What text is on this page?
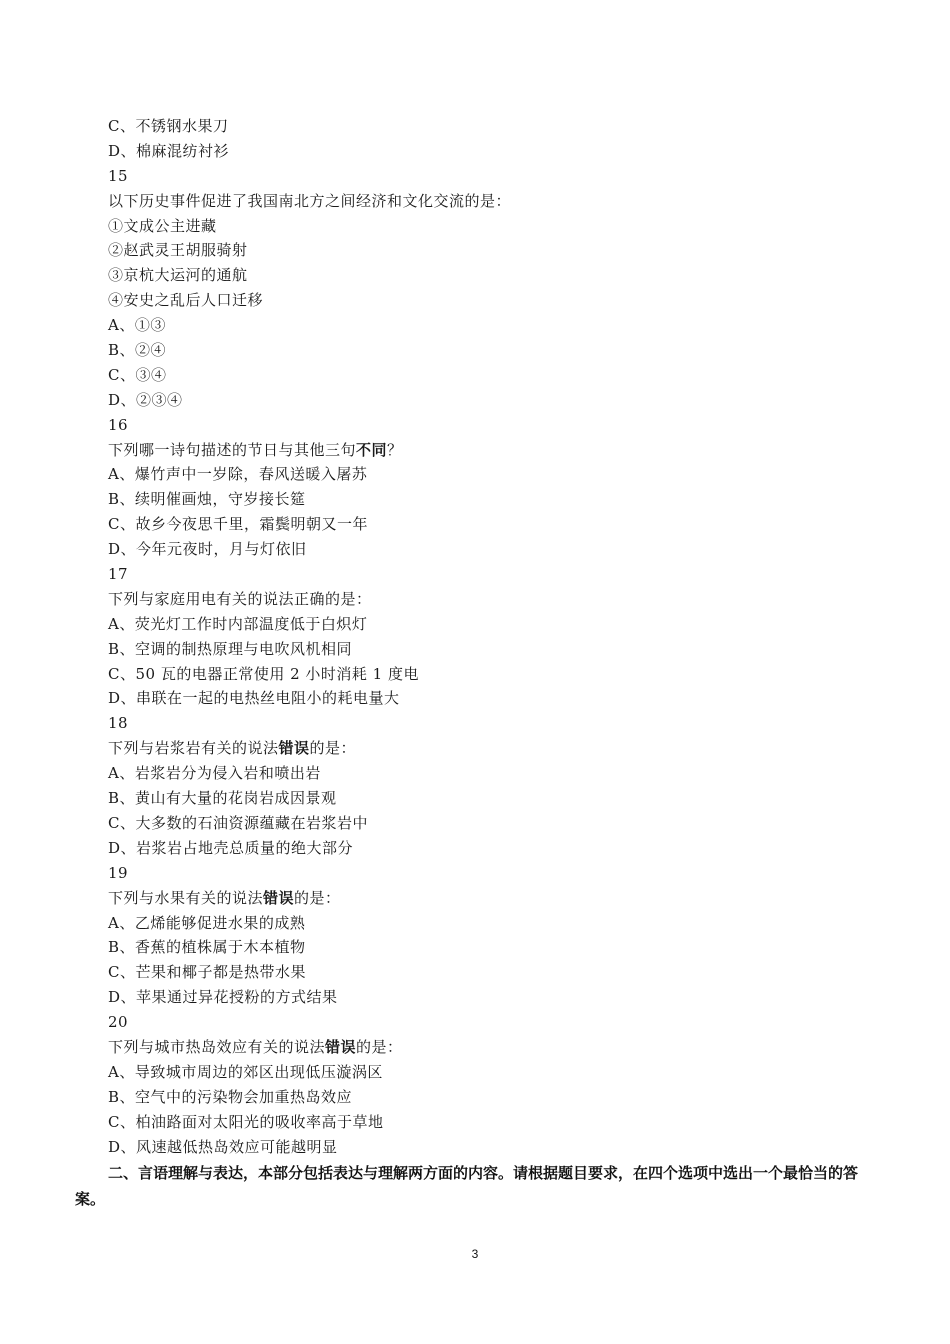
C、不锈钢水果刀
D、棉麻混纺衬衫
15
以下历史事件促进了我国南北方之间经济和文化交流的是：
①文成公主进藏
②赵武灵王胡服骑射
③京杭大运河的通航
④安史之乱后人口迁移
A、①③
B、②④
C、③④
D、②③④
16
下列哪一诗句描述的节日与其他三句不同？
A、爆竹声中一岁除，春风送暖入屠苏
B、续明催画烛，守岁接长筵
C、故乡今夜思千里，霜鬓明朝又一年
D、今年元夜时，月与灯依旧
17
下列与家庭用电有关的说法正确的是：
A、荧光灯工作时内部温度低于白炽灯
B、空调的制热原理与电吹风机相同
C、50 瓦的电器正常使用 2 小时消耗 1 度电
D、串联在一起的电热丝电阻小的耗电量大
18
下列与岩浆岩有关的说法错误的是：
A、岩浆岩分为侵入岩和喷出岩
B、黄山有大量的花岗岩成因景观
C、大多数的石油资源蕴藏在岩浆岩中
D、岩浆岩占地壳总质量的绝大部分
19
下列与水果有关的说法错误的是：
A、乙烯能够促进水果的成熟
B、香蕉的植株属于木本植物
C、芒果和椰子都是热带水果
D、苹果通过异花授粉的方式结果
20
下列与城市热岛效应有关的说法错误的是：
A、导致城市周边的郊区出现低压漩涡区
B、空气中的污染物会加重热岛效应
C、柏油路面对太阳光的吸收率高于草地
D、风速越低热岛效应可能越明显
二、言语理解与表达，本部分包括表达与理解两方面的内容。请根据题目要求，在四个选项中选出一个最恰当的答案。
3
